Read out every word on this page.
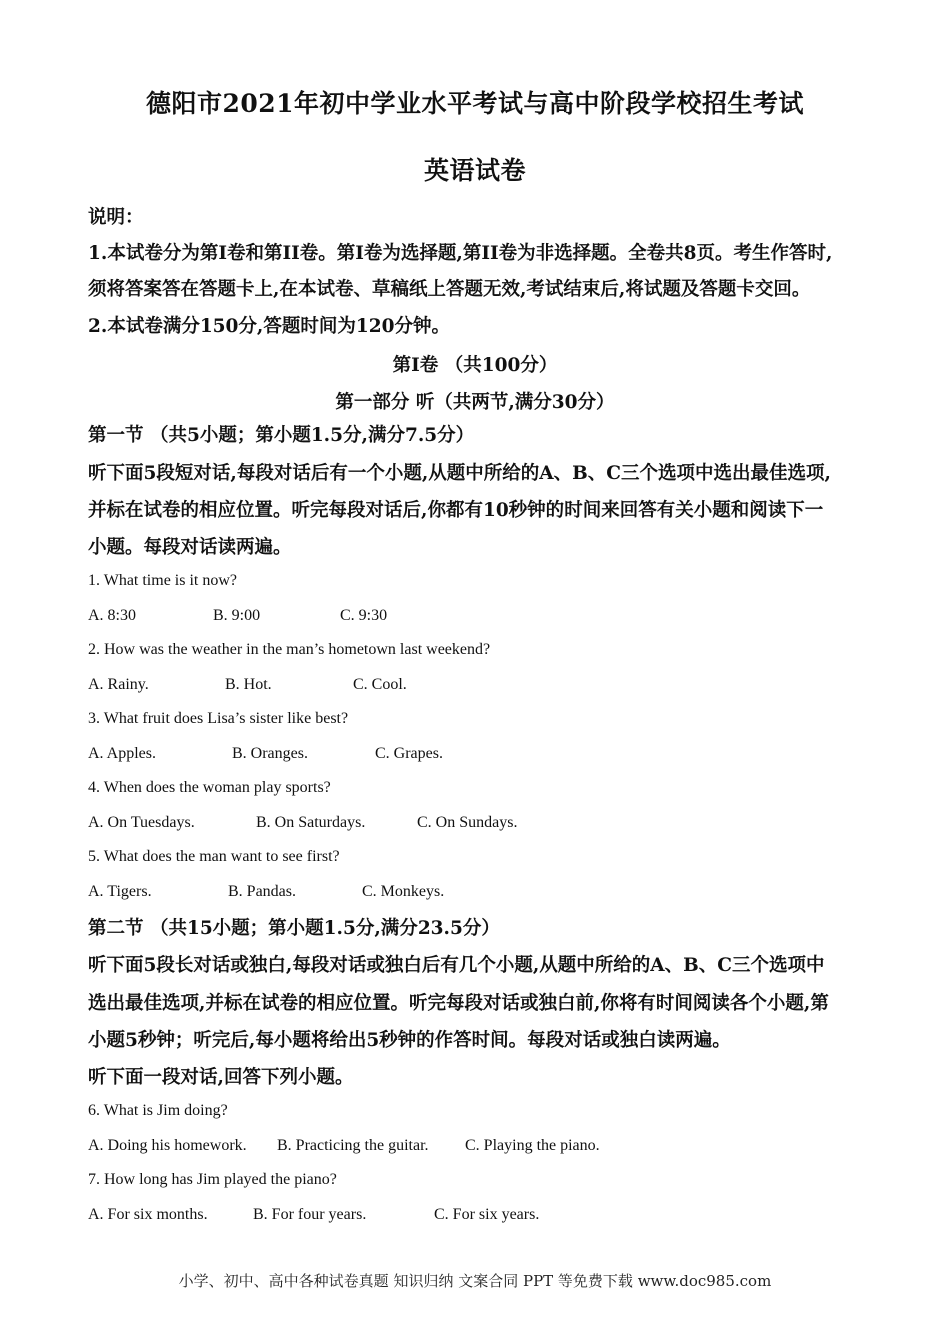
德阳市2021年初中学业水平考试与高中阶段学校招生考试
英语试卷
说明：
1.本试卷分为第I卷和第II卷。第I卷为选择题,第II卷为非选择题。全卷共8页。考生作答时,
须将答案答在答题卡上,在本试卷、草稿纸上答题无效,考试结束后,将试题及答题卡交回。
2.本试卷满分150分,答题时间为120分钟。
第I卷 （共100分）
第一部分 听（共两节,满分30分）
第一节 （共5小题；第小题1.5分,满分7.5分）
听下面5段短对话,每段对话后有一个小题,从题中所给的A、B、C三个选项中选出最佳选项,
并标在试卷的相应位置。听完每段对话后,你都有10秒钟的时间来回答有关小题和阅读下一
小题。每段对话读两遍。
1. What time is it now?
A. 8:30	B. 9:00	C. 9:30
2. How was the weather in the man’s hometown last weekend?
A. Rainy.	B. Hot.	C. Cool.
3. What fruit does Lisa’s sister like best?
A. Apples.	B. Oranges.	C. Grapes.
4. When does the woman play sports?
A. On Tuesdays.	B. On Saturdays.	C. On Sundays.
5. What does the man want to see first?
A. Tigers.	B. Pandas.	C. Monkeys.
第二节 （共15小题；第小题1.5分,满分23.5分）
听下面5段长对话或独白,每段对话或独白后有几个小题,从题中所给的A、B、C三个选项中
选出最佳选项,并标在试卷的相应位置。听完每段对话或独白前,你将有时间阅读各个小题,第
小题5秒钟；听完后,每小题将给出5秒钟的作答时间。每段对话或独白读两遍。
听下面一段对话,回答下列小题。
6. What is Jim doing?
A. Doing his homework. B. Practicing the guitar. C. Playing the piano.
7. How long has Jim played the piano?
A. For six months.	B. For four years.	C. For six years.
小学、初中、高中各种试卷真题 知识归纳 文案合同 PPT 等免费下载 www.doc985.com
